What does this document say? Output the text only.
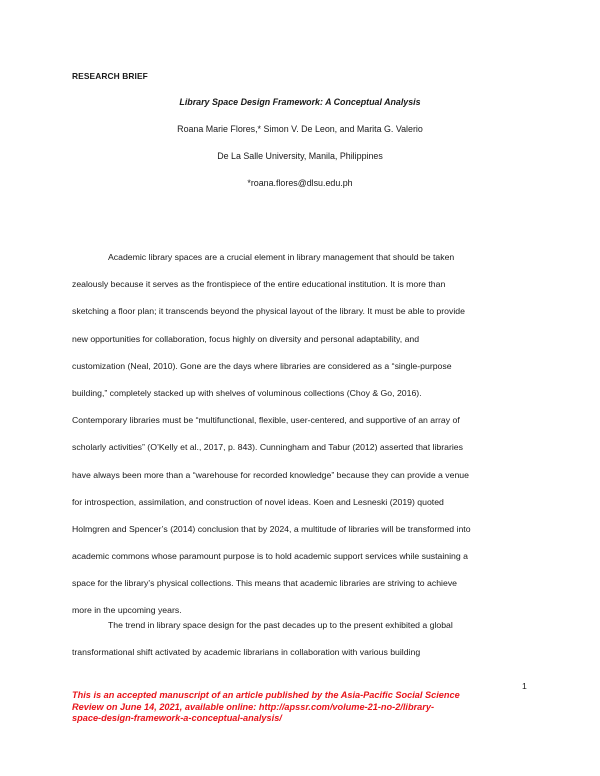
RESEARCH BRIEF
Library Space Design Framework: A Conceptual Analysis
Roana Marie Flores,* Simon V. De Leon, and Marita G. Valerio
De La Salle University, Manila, Philippines
*roana.flores@dlsu.edu.ph
Academic library spaces are a crucial element in library management that should be taken
zealously because it serves as the frontispiece of the entire educational institution. It is more than
sketching a floor plan; it transcends beyond the physical layout of the library. It must be able to provide
new opportunities for collaboration, focus highly on diversity and personal adaptability, and
customization (Neal, 2010). Gone are the days where libraries are considered as a “single-purpose
building,” completely stacked up with shelves of voluminous collections (Choy & Go, 2016).
Contemporary libraries must be “multifunctional, flexible, user-centered, and supportive of an array of
scholarly activities” (O’Kelly et al., 2017, p. 843). Cunningham and Tabur (2012) asserted that libraries
have always been more than a “warehouse for recorded knowledge” because they can provide a venue
for introspection, assimilation, and construction of novel ideas. Koen and Lesneski (2019) quoted
Holmgren and Spencer’s (2014) conclusion that by 2024, a multitude of libraries will be transformed into
academic commons whose paramount purpose is to hold academic support services while sustaining a
space for the library’s physical collections. This means that academic libraries are striving to achieve
more in the upcoming years.
The trend in library space design for the past decades up to the present exhibited a global
transformational shift activated by academic librarians in collaboration with various building
1
This is an accepted manuscript of an article published by the Asia-Pacific Social Science
Review on June 14, 2021, available online: http://apssr.com/volume-21-no-2/library-
space-design-framework-a-conceptual-analysis/
